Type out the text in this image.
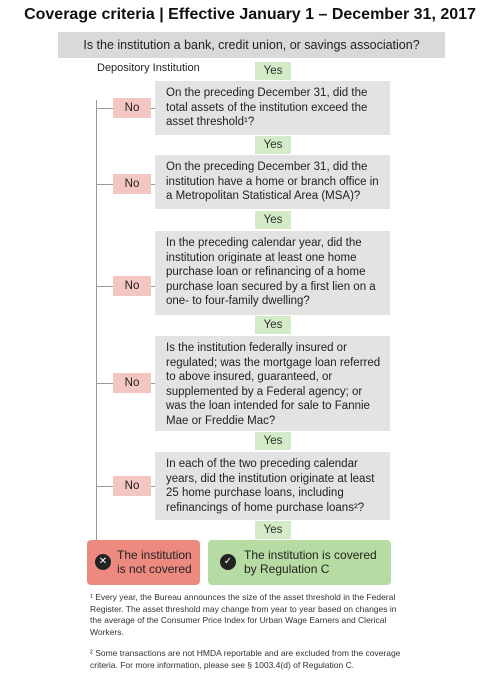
Coverage criteria | Effective January 1 – December 31, 2017
Is the institution a bank, credit union, or savings association?
Depository Institution	Yes
No
On the preceding December 31, did the total assets of the institution exceed the asset threshold¹?
Yes
No
On the preceding December 31, did the institution have a home or branch office in a Metropolitan Statistical Area (MSA)?
Yes
No
In the preceding calendar year, did the institution originate at least one home purchase loan or refinancing of a home purchase loan secured by a first lien on a one- to four-family dwelling?
Yes
No
Is the institution federally insured or regulated; was the mortgage loan referred to above insured, guaranteed, or supplemented by a Federal agency; or was the loan intended for sale to Fannie Mae or Freddie Mac?
Yes
No
In each of the two preceding calendar years, did the institution originate at least 25 home purchase loans, including refinancings of home purchase loans²?
Yes
✕ The institution is not covered
✓ The institution is covered by Regulation C
¹ Every year, the Bureau announces the size of the asset threshold in the Federal Register. The asset threshold may change from year to year based on changes in the average of the Consumer Price Index for Urban Wage Earners and Clerical Workers.
² Some transactions are not HMDA reportable and are excluded from the coverage criteria. For more information, please see § 1003.4(d) of Regulation C.
